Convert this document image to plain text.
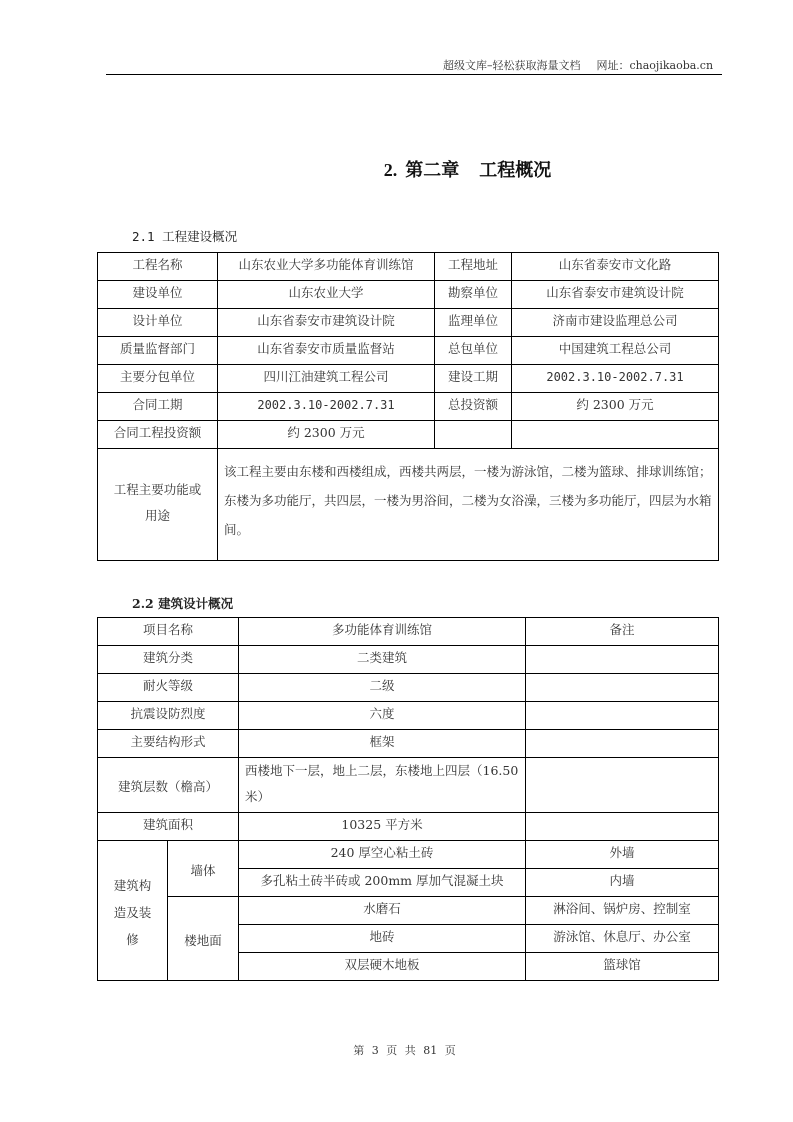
超级文库–轻松获取海量文档 网址：chaojikaoba.cn
2. 第二章 工程概况
2.1 工程建设概况
工程名称	山东农业大学多功能体育训练馆	工程地址	山东省泰安市文化路
建设单位	山东农业大学	勘察单位	山东省泰安市建筑设计院
设计单位	山东省泰安市建筑设计院	监理单位	济南市建设监理总公司
质量监督部门	山东省泰安市质量监督站	总包单位	中国建筑工程总公司
主要分包单位	四川江油建筑工程公司	建设工期	2002.3.10-2002.7.31
合同工期	2002.3.10-2002.7.31	总投资额	约 2300 万元
合同工程投资额	约 2300 万元		
工程主要功能或用途	该工程主要由东楼和西楼组成，西楼共两层，一楼为游泳馆，二楼为篮球、排球训练馆；东楼为多功能厅，共四层，一楼为男浴间，二楼为女浴澡，三楼为多功能厅，四层为水箱间。		
2.2 建筑设计概况
项目名称		多功能体育训练馆	备注
建筑分类		二类建筑	
耐火等级		二级	
抗震设防烈度		六度	
主要结构形式		框架	
建筑层数（檐高）		西楼地下一层，地上二层，东楼地上四层（16.50 米）	
建筑面积		10325 平方米	
建筑构造及装修	墙体	240 厚空心粘土砖	外墙
		多孔粘土砖半砖或 200mm 厚加气混凝土块	内墙
	楼地面	水磨石	淋浴间、锅炉房、控制室
		地砖	游泳馆、休息厅、办公室
		双层硬木地板	篮球馆
第 3 页 共 81 页
